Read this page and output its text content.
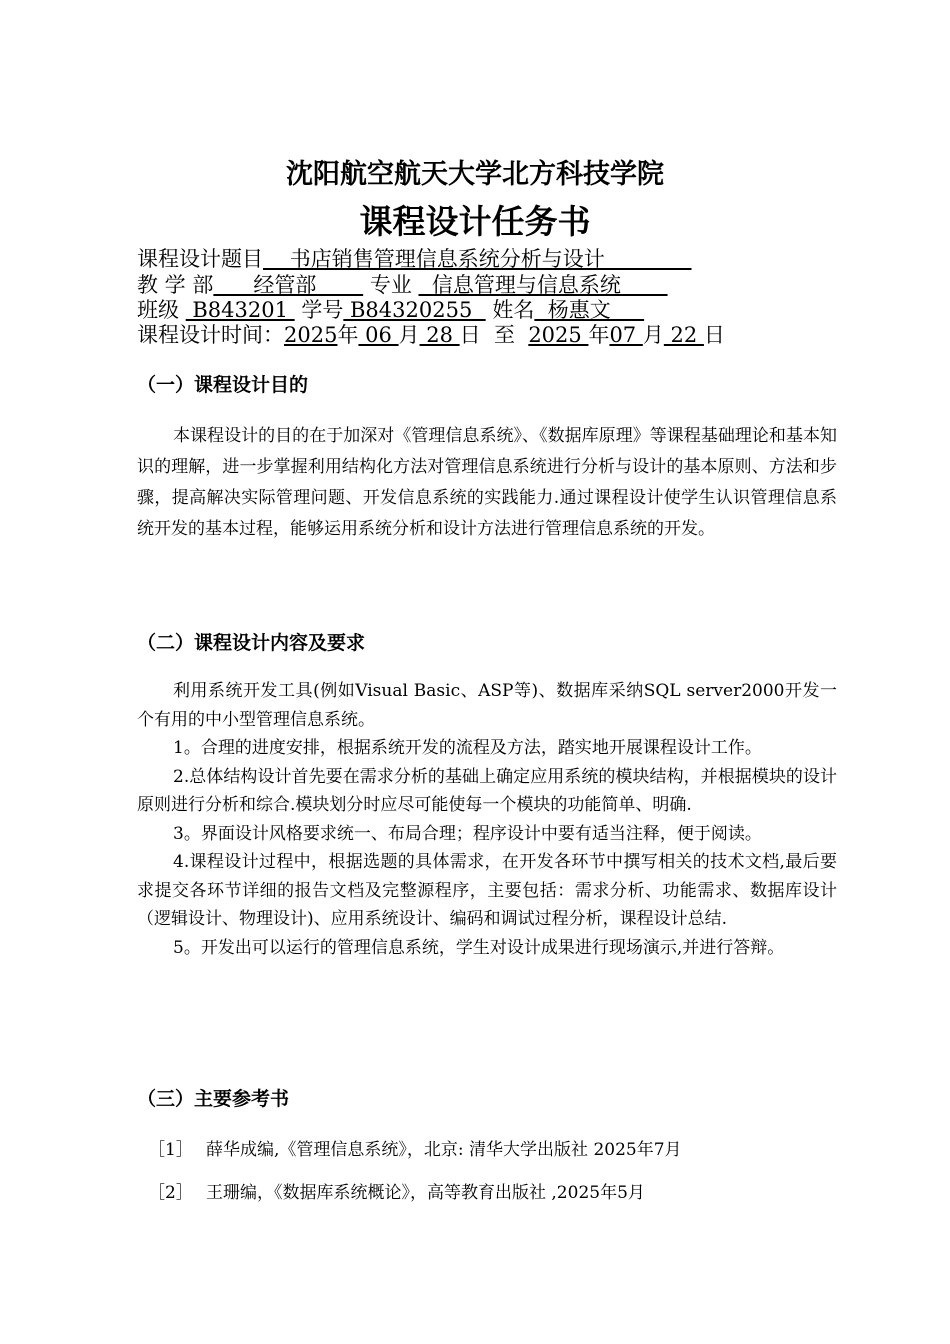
沈阳航空航天大学北方科技学院
课程设计任务书
课程设计题目    书店销售管理信息系统分析与设计
教 学 部      经管部        专业   信息管理与信息系统
班级  B843201  学号 B84320255   姓名  杨惠文
课程设计时间：2025年 06 月 28 日  至  2025 年07 月 22 日
（一）课程设计目的
本课程设计的目的在于加深对《管理信息系统》、《数据库原理》等课程基础理论和基本知识的理解，进一步掌握利用结构化方法对管理信息系统进行分析与设计的基本原则、方法和步骤，提高解决实际管理问题、开发信息系统的实践能力.通过课程设计使学生认识管理信息系统开发的基本过程，能够运用系统分析和设计方法进行管理信息系统的开发。
（二）课程设计内容及要求

利用系统开发工具(例如Visual Basic、ASP等)、数据库采纳SQL server2000开发一个有用的中小型管理信息系统。

1。合理的进度安排，根据系统开发的流程及方法，踏实地开展课程设计工作。

2.总体结构设计首先要在需求分析的基础上确定应用系统的模块结构，并根据模块的设计原则进行分析和综合.模块划分时应尽可能使每一个模块的功能简单、明确.

3。界面设计风格要求统一、布局合理；程序设计中要有适当注释，便于阅读。

4.课程设计过程中，根据选题的具体需求，在开发各环节中撰写相关的技术文档,最后要求提交各环节详细的报告文档及完整源程序，主要包括：需求分析、功能需求、数据库设计（逻辑设计、物理设计)、应用系统设计、编码和调试过程分析，课程设计总结.

5。开发出可以运行的管理信息系统，学生对设计成果进行现场演示,并进行答辩。

（三）主要参考书
［1］ 薛华成编,《管理信息系统》，北京: 清华大学出版社 2025年7月
［2］ 王珊编，《数据库系统概论》，高等教育出版社 ,2025年5月
